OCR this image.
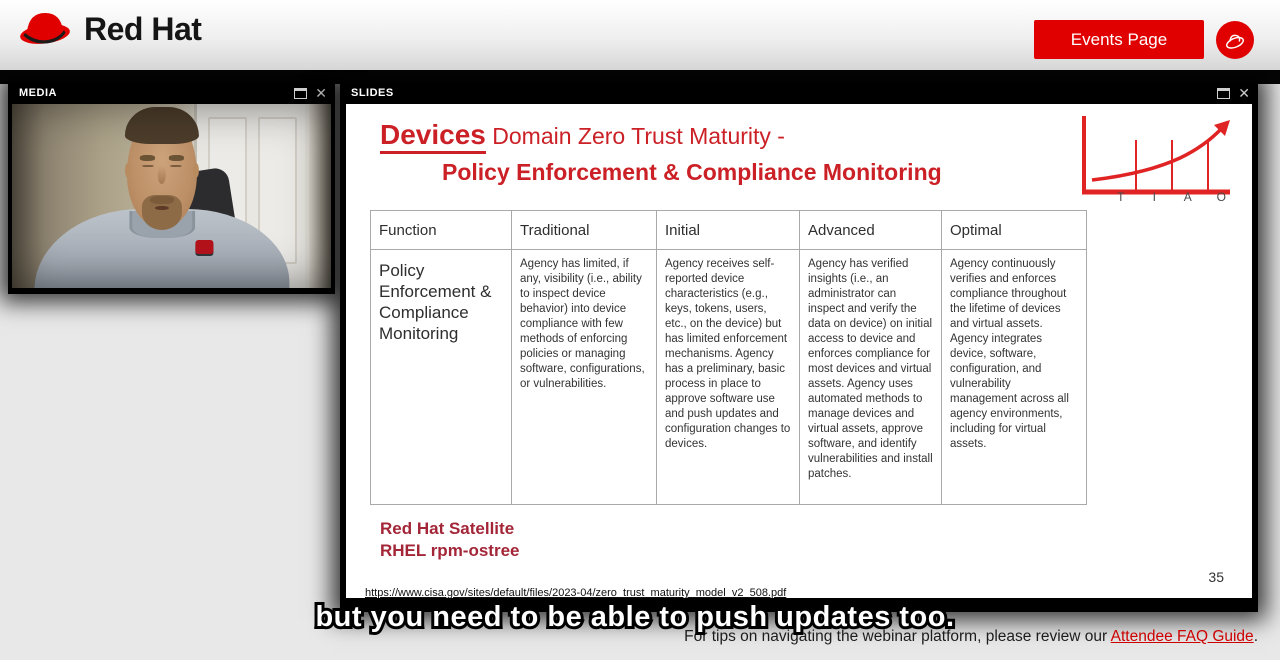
Red Hat	Events Page
MEDIA	✕ SLIDES	✕
Devices Domain Zero Trust Maturity -
Policy Enforcement & Compliance Monitoring
T	I	A	O
Function	Traditional	Initial	Advanced	Optimal
Policy Enforcement & Compliance Monitoring	Agency has limited, if any, visibility (i.e., ability to inspect device behavior) into device compliance with few methods of enforcing policies or managing software, configurations, or vulnerabilities.	Agency receives self-reported device characteristics (e.g., keys, tokens, users, etc., on the device) but has limited enforcement mechanisms. Agency has a preliminary, basic process in place to approve software use and push updates and configuration changes to devices.	Agency has verified insights (i.e., an administrator can inspect and verify the data on device) on initial access to device and enforces compliance for most devices and virtual assets. Agency uses automated methods to manage devices and virtual assets, approve software, and identify vulnerabilities and install patches.	Agency continuously verifies and enforces compliance throughout the lifetime of devices and virtual assets. Agency integrates device, software, configuration, and vulnerability management across all agency environments, including for virtual assets.
Red Hat Satellite
RHEL rpm-ostree
https://www.cisa.gov/sites/default/files/2023-04/zero_trust_maturity_model_v2_508.pdf
35
but you need to be able to push updates too.
For tips on navigating the webinar platform, please review our Attendee FAQ Guide.
